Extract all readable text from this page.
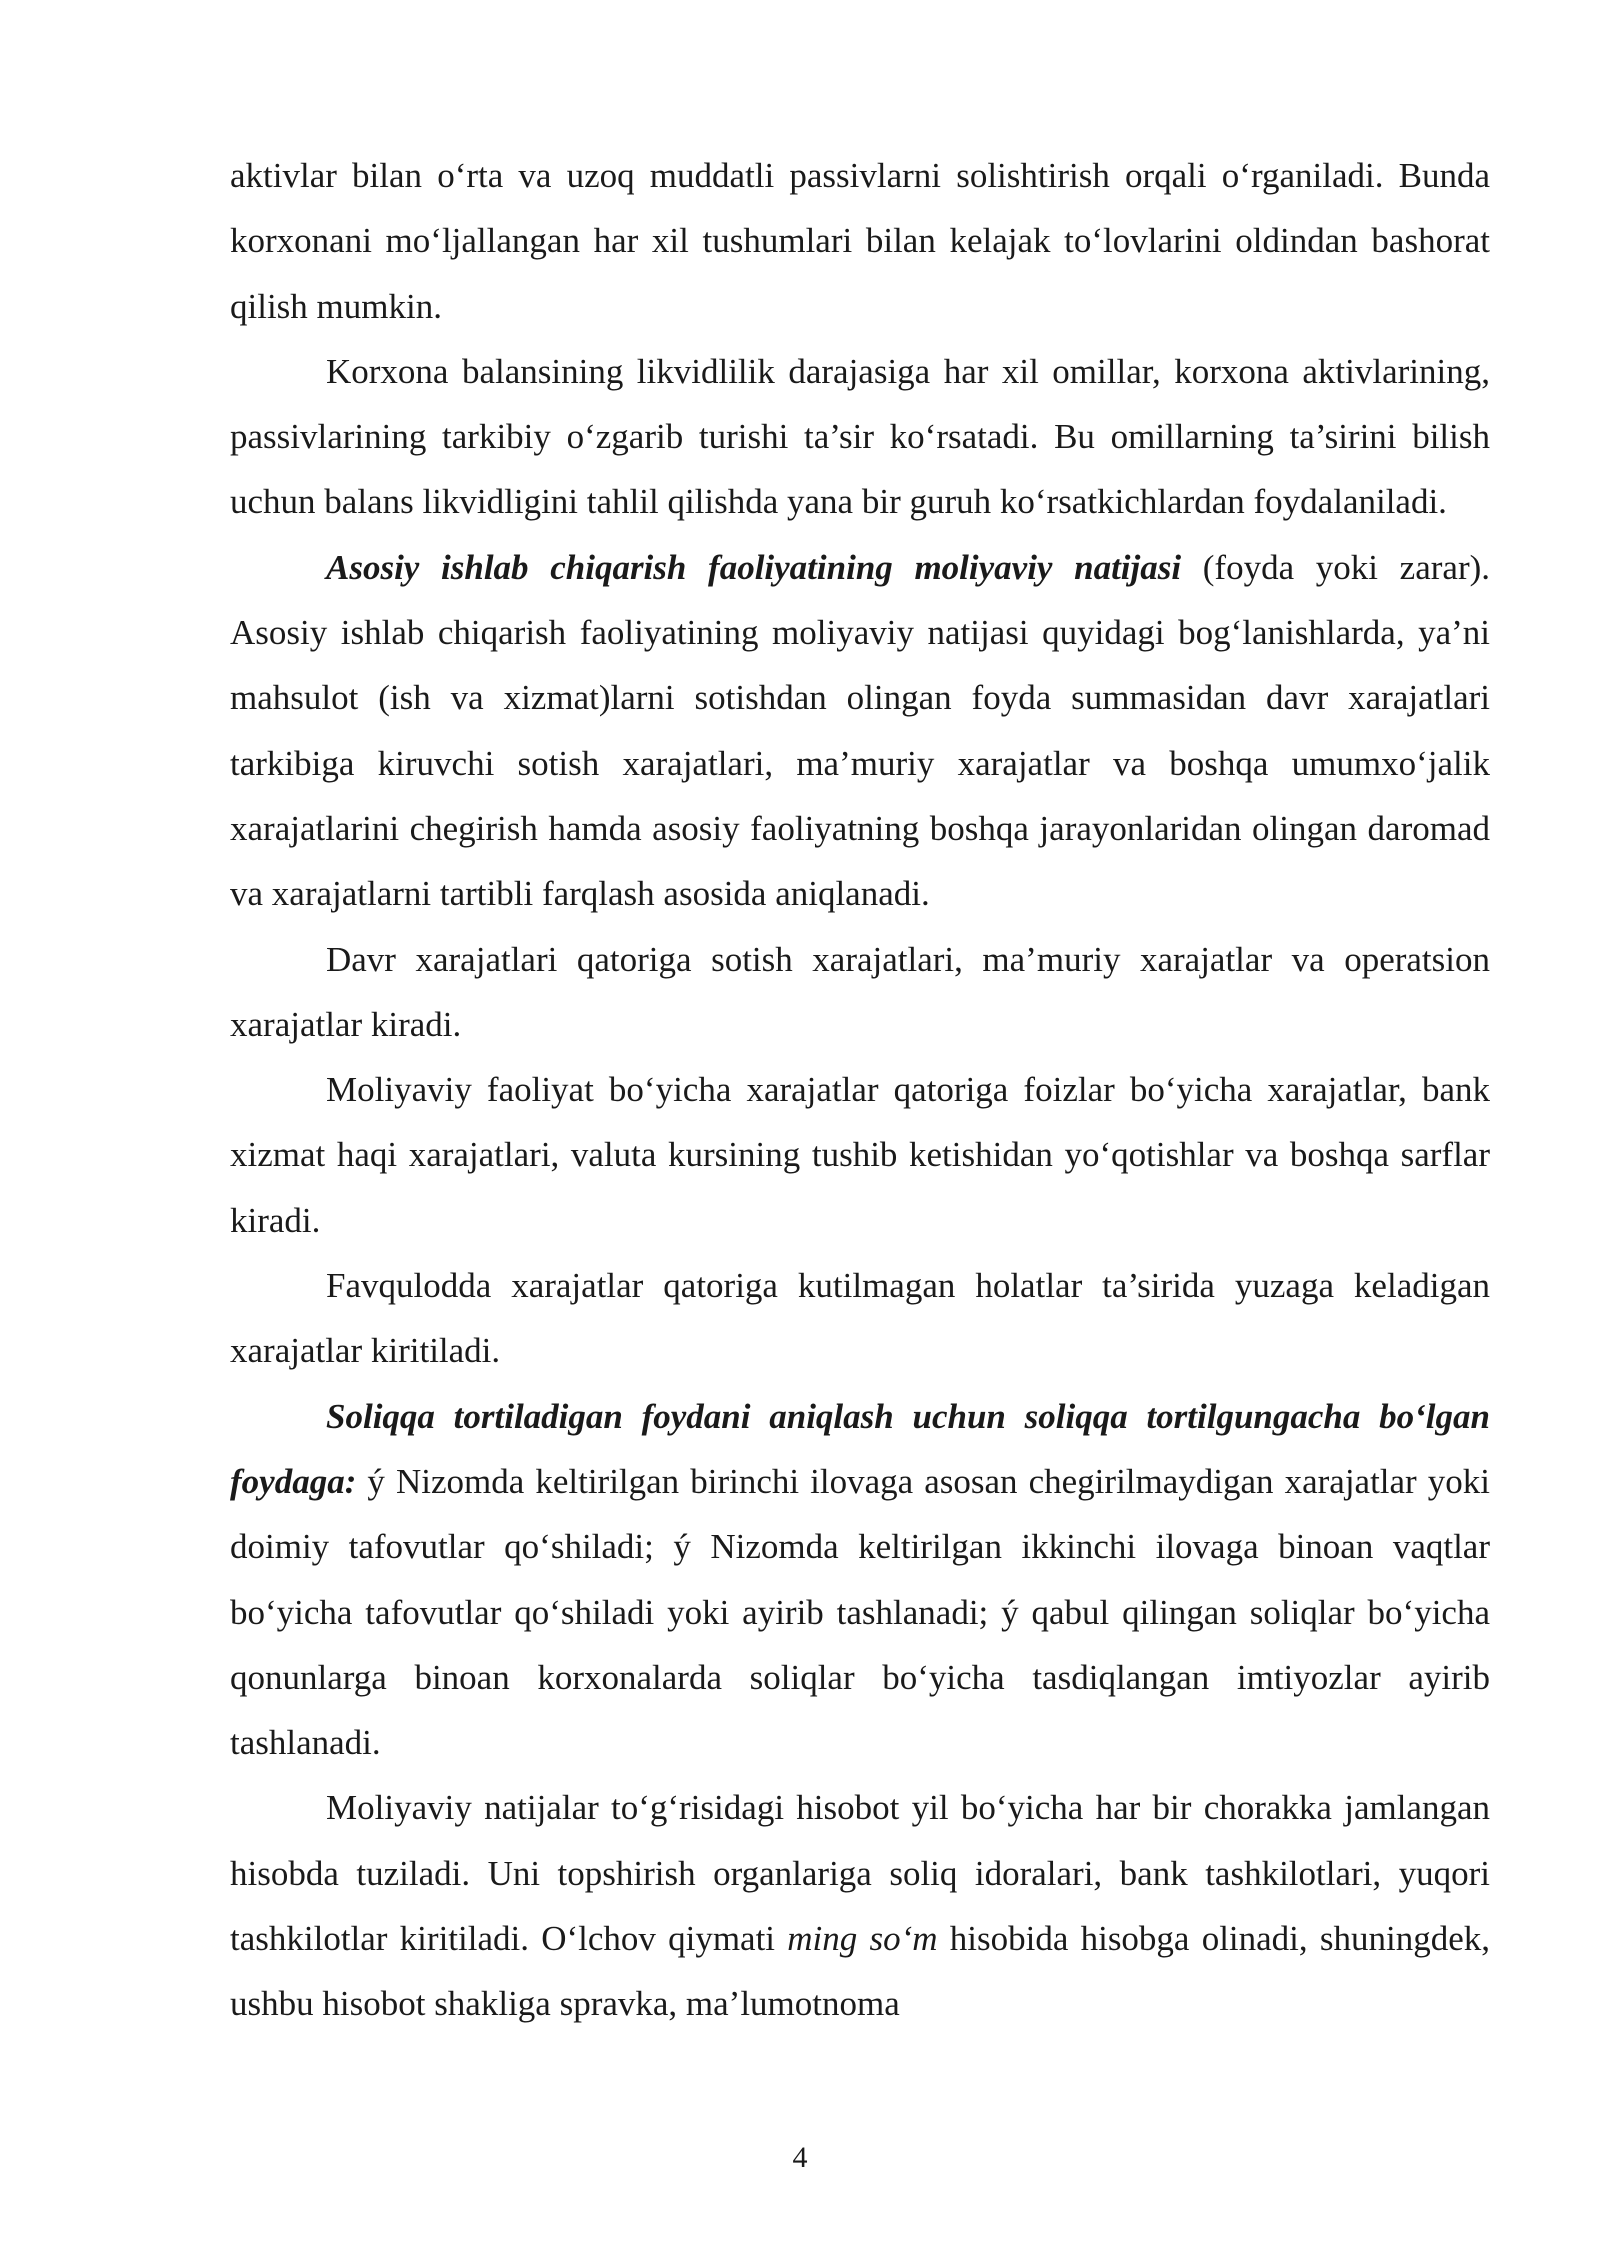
aktivlar bilan o‘rta va uzoq muddatli passivlarni solishtirish orqali o‘rganiladi. Bunda korxonani mo‘ljallangan har xil tushumlari bilan kelajak to‘lovlarini oldindan bashorat qilish mumkin.

Korxona balansining likvidlilik darajasiga har xil omillar, korxona aktivlarining, passivlarining tarkibiy o‘zgarib turishi ta’sir ko‘rsatadi. Bu omillarning ta’sirini bilish uchun balans likvidligini tahlil qilishda yana bir guruh ko‘rsatkichlardan foydalaniladi.

Asosiy ishlab chiqarish faoliyatining moliyaviy natijasi (foyda yoki zarar). Asosiy ishlab chiqarish faoliyatining moliyaviy natijasi quyidagi bog‘lanishlarda, ya’ni mahsulot (ish va xizmat)larni sotishdan olingan foyda summasidan davr xarajatlari tarkibiga kiruvchi sotish xarajatlari, ma’muriy xarajatlar va boshqa umumxo‘jalik xarajatlarini chegirish hamda asosiy faoliyatning boshqa jarayonlaridan olingan daromad va xarajatlarni tartibli farqlash asosida aniqlanadi.

Davr xarajatlari qatoriga sotish xarajatlari, ma’muriy xarajatlar va operatsion xarajatlar kiradi.

Moliyaviy faoliyat bo‘yicha xarajatlar qatoriga foizlar bo‘yicha xarajatlar, bank xizmat haqi xarajatlari, valuta kursining tushib ketishidan yo‘qotishlar va boshqa sarflar kiradi.

Favqulodda xarajatlar qatoriga kutilmagan holatlar ta’sirida yuzaga keladigan xarajatlar kiritiladi.

Soliqqa tortiladigan foydani aniqlash uchun soliqqa tortilgungacha bo‘lgan foydaga: ý Nizomda keltirilgan birinchi ilovaga asosan chegirilmaydigan xarajatlar yoki doimiy tafovutlar qo‘shiladi; ý Nizomda keltirilgan ikkinchi ilovaga binoan vaqtlar bo‘yicha tafovutlar qo‘shiladi yoki ayirib tashlanadi; ý qabul qilingan soliqlar bo‘yicha qonunlarga binoan korxonalarda soliqlar bo‘yicha tasdiqlangan imtiyozlar ayirib tashlanadi.

Moliyaviy natijalar to‘g‘risidagi hisobot yil bo‘yicha har bir chorakka jamlangan hisobda tuziladi. Uni topshirish organlariga soliq idoralari, bank tashkilotlari, yuqori tashkilotlar kiritiladi. O‘lchov qiymati ming so‘m hisobida hisobga olinadi, shuningdek, ushbu hisobot shakliga spravka, ma’lumotnoma

4
